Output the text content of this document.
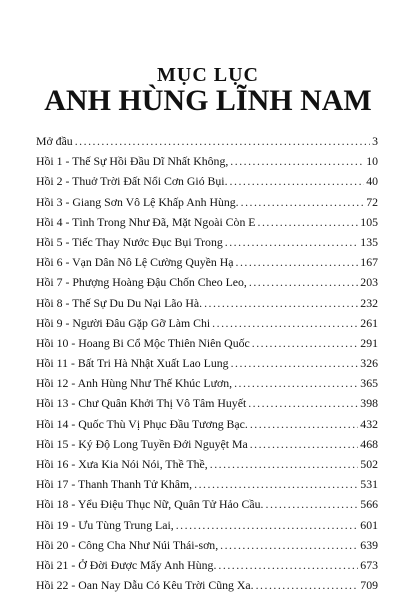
MỤC LỤC
ANH HÙNG LĨNH NAM
Mở đầu .....	3
Hồi 1 - Thế Sự Hồi Đầu Dĩ Nhất Không, .....	10
Hồi 2 - Thuở Trời Đất Nổi Cơn Gió Bụi. .....	40
Hồi 3 - Giang Sơn Vô Lệ Khấp Anh Hùng. .....	72
Hồi 4 - Tình Trong Như Đã, Mặt Ngoài Còn E .....	105
Hồi 5 - Tiếc Thay Nước Đục Bụi Trong .....	135
Hồi 6 - Vạn Dân Nô Lệ Cường Quyền Hạ .....	167
Hồi 7 - Phượng Hoàng Đậu Chốn Cheo Leo, .....	203
Hồi 8 - Thế Sự Du Du Nại Lão Hà. .....	232
Hồi 9 - Người Đâu Gặp Gỡ Làm Chi .....	261
Hồi 10 - Hoang Bi Cổ Mộc Thiên Niên Quốc .....	291
Hồi 11 - Bất Tri Hà Nhật Xuất Lao Lung .....	326
Hồi 12 - Anh Hùng Như Thế Khúc Lươn, .....	365
Hồi 13 - Chư Quân Khởi Thị Vô Tâm Huyết .....	398
Hồi 14 - Quốc Thù Vị Phục Đầu Tương Bạc. .....	432
Hồi 15 - Ký Độ Long Tuyền Đới Nguyệt Ma .....	468
Hồi 16 - Xưa Kia Nói Nói, Thề Thề, .....	502
Hồi 17 - Thanh Thanh Tử Khâm, .....	531
Hồi 18 - Yểu Điệu Thục Nữ, Quân Tử Hảo Cầu. .....	566
Hồi 19 - Ưu Tùng Trung Lai, .....	601
Hồi 20 - Công Cha Như Núi Thái-sơn, .....	639
Hồi 21 - Ở Đời Được Mấy Anh Hùng. .....	673
Hồi 22 - Oan Nay Dẫu Có Kêu Trời Cũng Xa. .....	709
